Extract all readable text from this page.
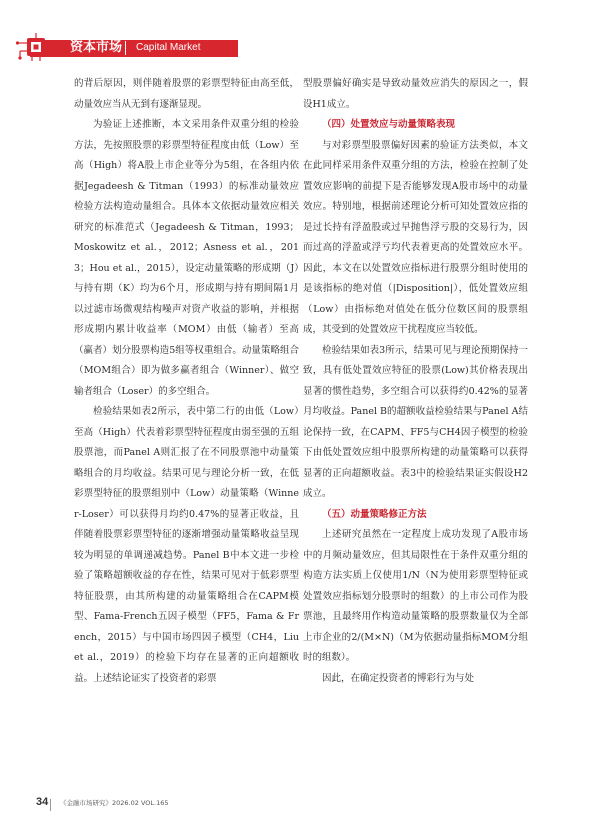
资本市场 Capital Market

的背后原因，则伴随着股票的彩票型特征由高至低，动量效应当从无到有逐渐显现。

为验证上述推断，本文采用条件双重分组的检验方法，先按照股票的彩票型特征程度由低（Low）至高（High）将A股上市企业等分为5组，在各组内依据Jegadeesh & Titman（1993）的标准动量效应检验方法构造动量组合。具体本文依据动量效应相关研究的标准范式（Jegadeesh & Titman，1993；Moskowitz et al.，2012；Asness et al.，2013；Hou et al.，2015），设定动量策略的形成期（J）与持有期（K）均为6个月，形成期与持有期间隔1月以过滤市场微观结构噪声对资产收益的影响，并根据形成期内累计收益率（MOM）由低（输者）至高（赢者）划分股票构造5组等权重组合。动量策略组合（MOM组合）即为做多赢者组合（Winner）、做空输者组合（Loser）的多空组合。

检验结果如表2所示，表中第二行的由低（Low）至高（High）代表着彩票型特征程度由弱至强的五组股票池，而Panel A则汇报了在不同股票池中动量策略组合的月均收益。结果可见与理论分析一致，在低彩票型特征的股票组别中（Low）动量策略（Winner-Loser）可以获得月均约0.47%的显著正收益，且伴随着股票彩票型特征的逐渐增强动量策略收益呈现较为明显的单调递减趋势。Panel B中本文进一步检验了策略超额收益的存在性，结果可见对于低彩票型特征股票，由其所构建的动量策略组合在CAPM模型、Fama-French五因子模型（FF5，Fama & French，2015）与中国市场四因子模型（CH4，Liu et al.，2019）的检验下均存在显著的正向超额收益。上述结论证实了投资者的彩票

型股票偏好确实是导致动量效应消失的原因之一，假设H1成立。

（四）处置效应与动量策略表现

与对彩票型股票偏好因素的验证方法类似，本文在此同样采用条件双重分组的方法，检验在控制了处置效应影响的前提下是否能够发现A股市场中的动量效应。特别地，根据前述理论分析可知处置效应指的是过长持有浮盈股或过早抛售浮亏股的交易行为，因而过高的浮盈或浮亏均代表着更高的处置效应水平。因此，本文在以处置效应指标进行股票分组时使用的是该指标的绝对值（|Disposition|），低处置效应组（Low）由指标绝对值处在低分位数区间的股票组成，其受到的处置效应干扰程度应当较低。

检验结果如表3所示，结果可见与理论预期保持一致，具有低处置效应特征的股票(Low)其价格表现出显著的惯性趋势，多空组合可以获得约0.42%的显著月均收益。Panel B的超额收益检验结果与Panel A结论保持一致，在CAPM、FF5与CH4因子模型的检验下由低处置效应组中股票所构建的动量策略可以获得显著的正向超额收益。表3中的检验结果证实假设H2成立。

（五）动量策略修正方法

上述研究虽然在一定程度上成功发现了A股市场中的月频动量效应，但其局限性在于条件双重分组的构造方法实质上仅使用1/N（N为使用彩票型特征或处置效应指标划分股票时的组数）的上市公司作为股票池，且最终用作构造动量策略的股票数量仅为全部上市企业的2/(M×N)（M为依据动量指标MOM分组时的组数）。

因此，在确定投资者的博彩行为与处

34 《金融市场研究》2026.02 VOL.165
